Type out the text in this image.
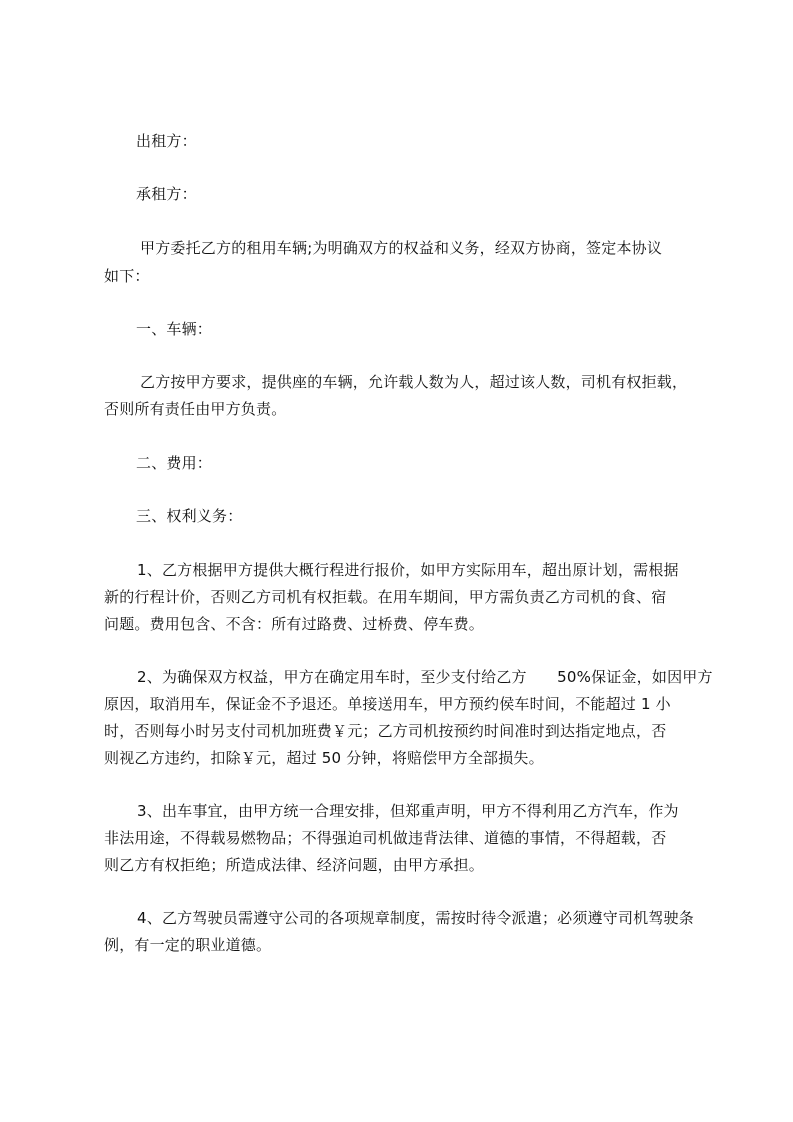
出租方：
承租方：
甲方委托乙方的租用车辆;为明确双方的权益和义务，经双方协商，签定本协议
如下：
一、车辆：
乙方按甲方要求，提供座的车辆，允许载人数为人，超过该人数，司机有权拒载，
否则所有责任由甲方负责。
二、费用：
三、权利义务：
1、乙方根据甲方提供大概行程进行报价，如甲方实际用车，超出原计划，需根据
新的行程计价，否则乙方司机有权拒载。在用车期间，甲方需负责乙方司机的食、宿
问题。费用包含、不含：所有过路费、过桥费、停车费。
2、为确保双方权益，甲方在确定用车时，至少支付给乙方　　50%保证金，如因甲方
原因，取消用车，保证金不予退还。单接送用车，甲方预约侯车时间，不能超过 1 小
时，否则每小时另支付司机加班费￥元；乙方司机按预约时间准时到达指定地点，否
则视乙方违约，扣除￥元，超过 50 分钟，将赔偿甲方全部损失。
3、出车事宜，由甲方统一合理安排，但郑重声明，甲方不得利用乙方汽车，作为
非法用途，不得载易燃物品；不得强迫司机做违背法律、道德的事情，不得超载，否
则乙方有权拒绝；所造成法律、经济问题，由甲方承担。
4、乙方驾驶员需遵守公司的各项规章制度，需按时待令派遣；必须遵守司机驾驶条
例，有一定的职业道德。
